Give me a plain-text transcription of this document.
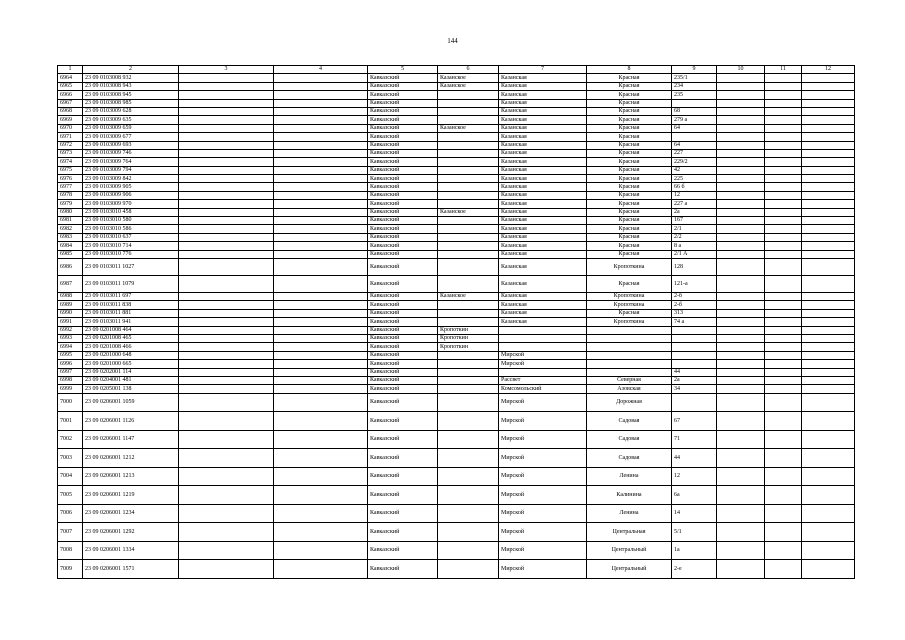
144
1	2	3	4	5	6	7	8	9	10	11	12
6964	23 09 0103008 932			Кавказский	Казанское	Казанская	Красная	235/1			
6965	23 09 0103008 943			Кавказский	Казанское	Казанская	Красная	234			
6966	23 09 0103008 945			Кавказский		Казанская	Красная	235			
6967	23 09 0103008 985			Кавказский		Казанская	Красная				
6968	23 09 0103009 628			Кавказский		Казанская	Красная	68			
6969	23 09 0103009 635			Кавказский		Казанская	Красная	279 а			
6970	23 09 0103009 659			Кавказский	Казанское	Казанская	Красная	64			
6971	23 09 0103009 677			Кавказский		Казанская	Красная				
6972	23 09 0103009 693			Кавказский		Казанская	Красная	64			
6973	23 09 0103009 746			Кавказский		Казанская	Красная	227			
6974	23 09 0103009 764			Кавказский		Казанская	Красная	229/2			
6975	23 09 0103009 794			Кавказский		Казанская	Красная	42			
6976	23 09 0103009 842			Кавказский		Казанская	Красная	225			
6977	23 09 0103009 905			Кавказский		Казанская	Красная	66 б			
6978	23 09 0103009 906			Кавказский		Казанская	Красная	12			
6979	23 09 0103009 970			Кавказский		Казанская	Красная	227 а			
6980	23 09 0103010 458			Кавказский	Казанское	Казанская	Красная	2а			
6981	23 09 0103010 580			Кавказский		Казанская	Красная	167			
6982	23 09 0103010 586			Кавказский		Казанская	Красная	2/1			
6983	23 09 0103010 637			Кавказский		Казанская	Красная	2/2			
6984	23 09 0103010 714			Кавказский		Казанская	Красная	8 а			
6985	23 09 0103010 776			Кавказский		Казанская	Красная	2/1 А			
6986	23 09 0103011 1027			Кавказский		Казанская	Кропоткина	128			
6987	23 09 0103011 1079			Кавказский		Казанская	Красная	121-а			
6988	23 09 0103011 697			Кавказский	Казанское	Казанская	Кропоткина	2-б			
6989	23 09 0103011 838			Кавказский		Казанская	Кропоткина	2-б			
6990	23 09 0103011 881			Кавказский		Казанская	Красная	313			
6991	23 09 0103011 941			Кавказский		Казанская	Кропоткина	74 а			
6992	23 09 0201008 464			Кавказский	Кропоткин						
6993	23 09 0201008 465			Кавказский	Кропоткин						
6994	23 09 0201008 466			Кавказский	Кропоткин						
6995	23 09 0201000 648			Кавказский		Мирской					
6996	23 09 0201000 665			Кавказский		Мирской					
6997	23 09 0202001 114			Кавказский				44			
6998	23 09 0204001 481			Кавказский		Рассвет	Северная	2а			
6999	23 09 0205001 138			Кавказский		Комсомольский	Азовская	34			
7000	23 09 0206001 1059			Кавказский		Мирской	Дорожная				
7001	23 09 0206001 1126			Кавказский		Мирской	Садовая	67			
7002	23 09 0206001 1147			Кавказский		Мирской	Садовая	71			
7003	23 09 0206001 1212			Кавказский		Мирской	Садовая	44			
7004	23 09 0206001 1213			Кавказский		Мирской	Ленина	12			
7005	23 09 0206001 1219			Кавказский		Мирской	Калинина	6а			
7006	23 09 0206001 1234			Кавказский		Мирской	Ленина	14			
7007	23 09 0206001 1292			Кавказский		Мирской	Центральная	5/1			
7008	23 09 0206001 1334			Кавказский		Мирской	Центральный	1а			
7009	23 09 0206001 1571			Кавказский		Мирской	Центральный	2-е			
